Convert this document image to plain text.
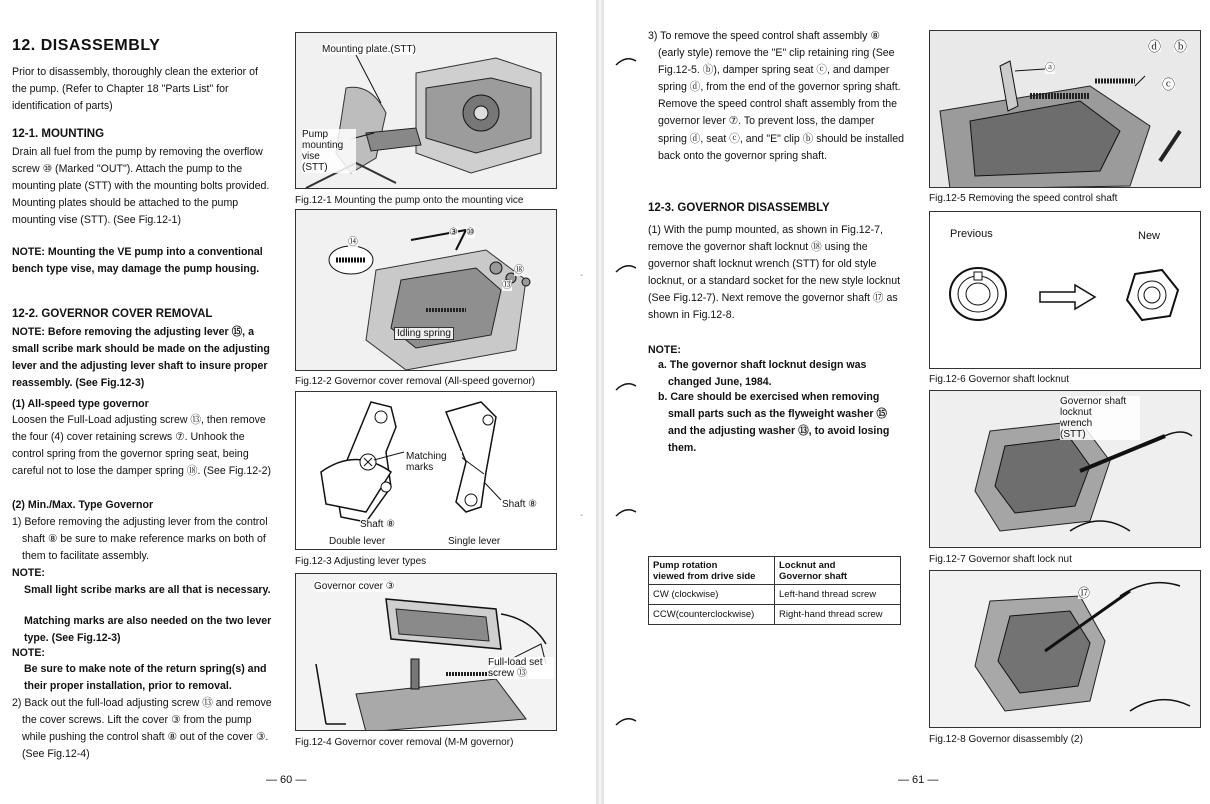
12. DISASSEMBLY
Prior to disassembly, thoroughly clean the exterior of the pump. (Refer to Chapter 18 "Parts List" for identification of parts)
12-1. MOUNTING
Drain all fuel from the pump by removing the overflow screw ⑩ (Marked "OUT"). Attach the pump to the mounting plate (STT) with the mounting bolts provided. Mounting plates should be attached to the pump mounting vise (STT). (See Fig.12-1)
NOTE: Mounting the VE pump into a conventional bench type vise, may damage the pump housing.
12-2. GOVERNOR COVER REMOVAL
NOTE: Before removing the adjusting lever ⑮, a small scribe mark should be made on the adjusting lever and the adjusting lever shaft to insure proper reassembly. (See Fig.12-3)
(1) All-speed type governor
Loosen the Full-Load adjusting screw ⑬, then remove the four (4) cover retaining screws ⑦. Unhook the control spring from the governor spring seat, being careful not to lose the damper spring ⑱. (See Fig.12-2)
(2) Min./Max. Type Governor
1) Before removing the adjusting lever from the control shaft ⑧ be sure to make reference marks on both of them to facilitate assembly.
NOTE:
Small light scribe marks are all that is necessary.
Matching marks are also needed on the two lever type. (See Fig.12-3)
NOTE:
Be sure to make note of the return spring(s) and their proper installation, prior to removal.
2) Back out the full-load adjusting screw ⑬ and remove the cover screws. Lift the cover ③ from the pump while pushing the control shaft ⑧ out of the cover ③. (See Fig.12-4)
Mounting plate.(STT)
Pump
mounting
vise
(STT)
Fig.12-1 Mounting the pump onto the mounting vice
⑭
③ ⑩
⑱
⑬
Idling spring
Fig.12-2 Governor cover removal (All-speed governor)
Matching
marks
Shaft ⑧
Shaft ⑧
Double lever	Single lever
Fig.12-3 Adjusting lever types
Governor cover ③
Full-load set
screw ⑬
Fig.12-4 Governor cover removal (M-M governor)
— 60 —
-
-
3) To remove the speed control shaft assembly ⑧ (early style) remove the "E" clip retaining ring (See Fig.12-5. ⓑ), damper spring seat ⓒ, and damper spring ⓓ, from the end of the governor spring shaft. Remove the speed control shaft assembly from the governor lever ⑦. To prevent loss, the damper spring ⓓ, seat ⓒ, and "E" clip ⓑ should be installed back onto the governor spring shaft.
12-3. GOVERNOR DISASSEMBLY
(1) With the pump mounted, as shown in Fig.12-7, remove the governor shaft locknut ⑱ using the governor shaft locknut wrench (STT) for old style locknut, or a standard socket for the new style locknut (See Fig.12-7). Next remove the governor shaft ⑰ as shown in Fig.12-8.
NOTE:
a. The governor shaft locknut design was changed June, 1984.
b. Care should be exercised when removing small parts such as the flyweight washer ⑮ and the adjusting washer ⑬, to avoid losing them.
Pump rotation
viewed from drive side	Locknut and
Governor shaft
CW (clockwise)	Left-hand thread screw
CCW(counterclockwise)	Right-hand thread screw
ⓐ
ⓑ
ⓒ
ⓓ
Fig.12-5 Removing the speed control shaft
Previous	New
Fig.12-6 Governor shaft locknut
Governor shaft
locknut
wrench
(STT)
Fig.12-7 Governor shaft lock nut
⑰
Fig.12-8 Governor disassembly (2)
— 61 —
